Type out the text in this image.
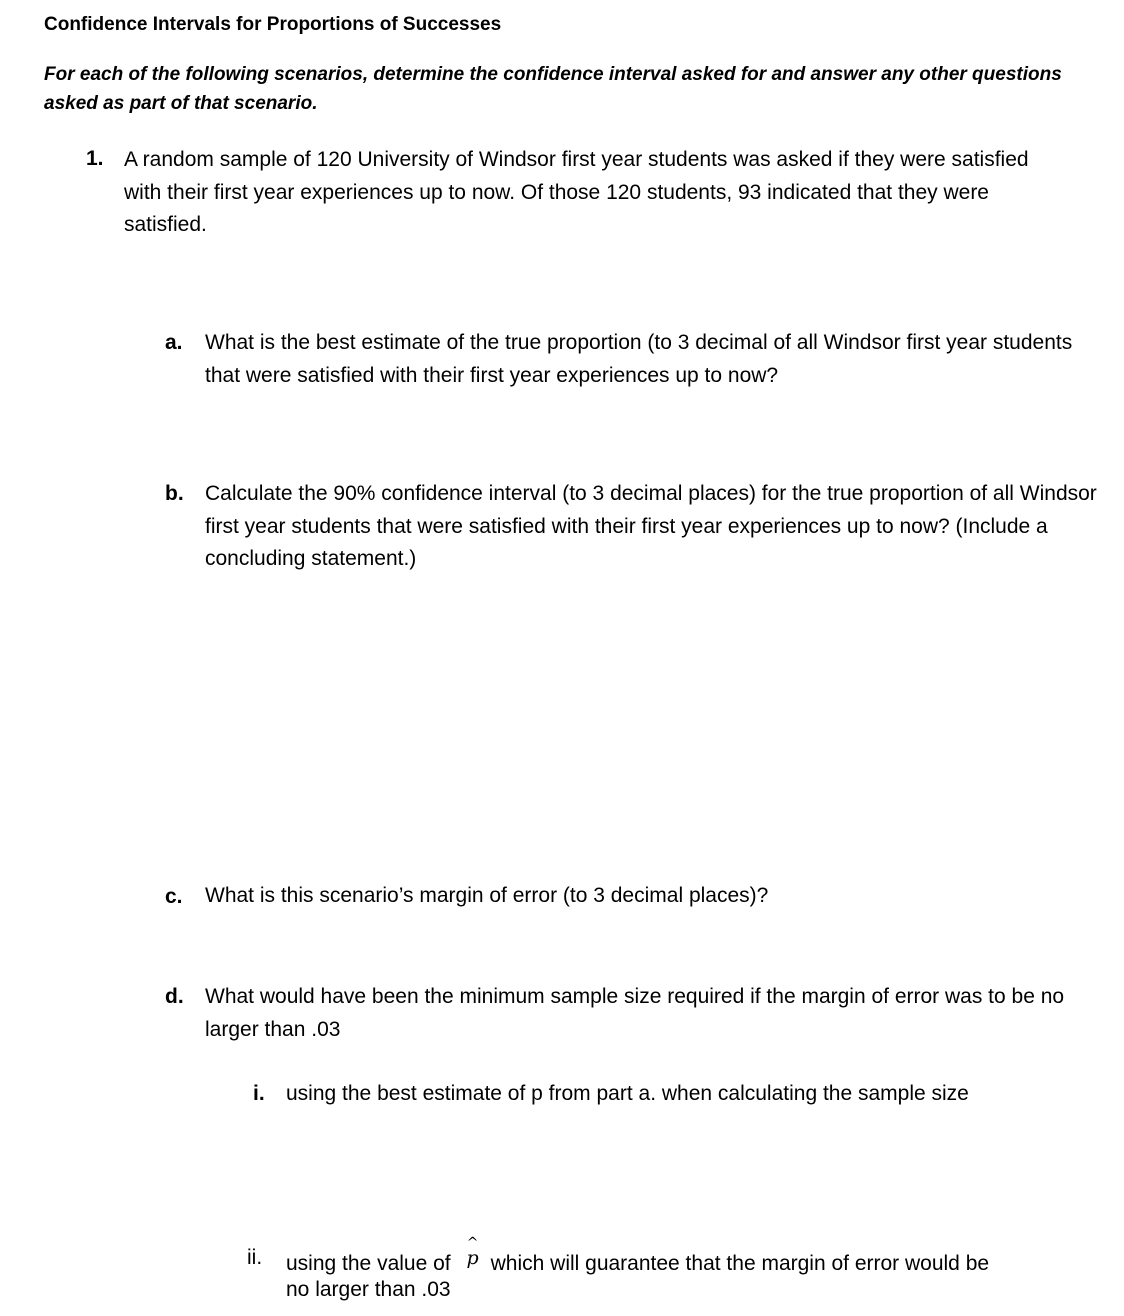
Confidence Intervals for Proportions of Successes
For each of the following scenarios, determine the confidence interval asked for and answer any other questions asked as part of that scenario.
1. A random sample of 120 University of Windsor first year students was asked if they were satisfied with their first year experiences up to now. Of those 120 students, 93 indicated that they were satisfied.
a. What is the best estimate of the true proportion (to 3 decimal of all Windsor first year students that were satisfied with their first year experiences up to now?
b. Calculate the 90% confidence interval (to 3 decimal places) for the true proportion of all Windsor first year students that were satisfied with their first year experiences up to now? (Include a concluding statement.)
c. What is this scenario’s margin of error (to 3 decimal places)?
d. What would have been the minimum sample size required if the margin of error was to be no larger than .03
i. using the best estimate of p from part a. when calculating the sample size
ii. using the value of
^
p which will guarantee that the margin of error would be
no larger than .03
